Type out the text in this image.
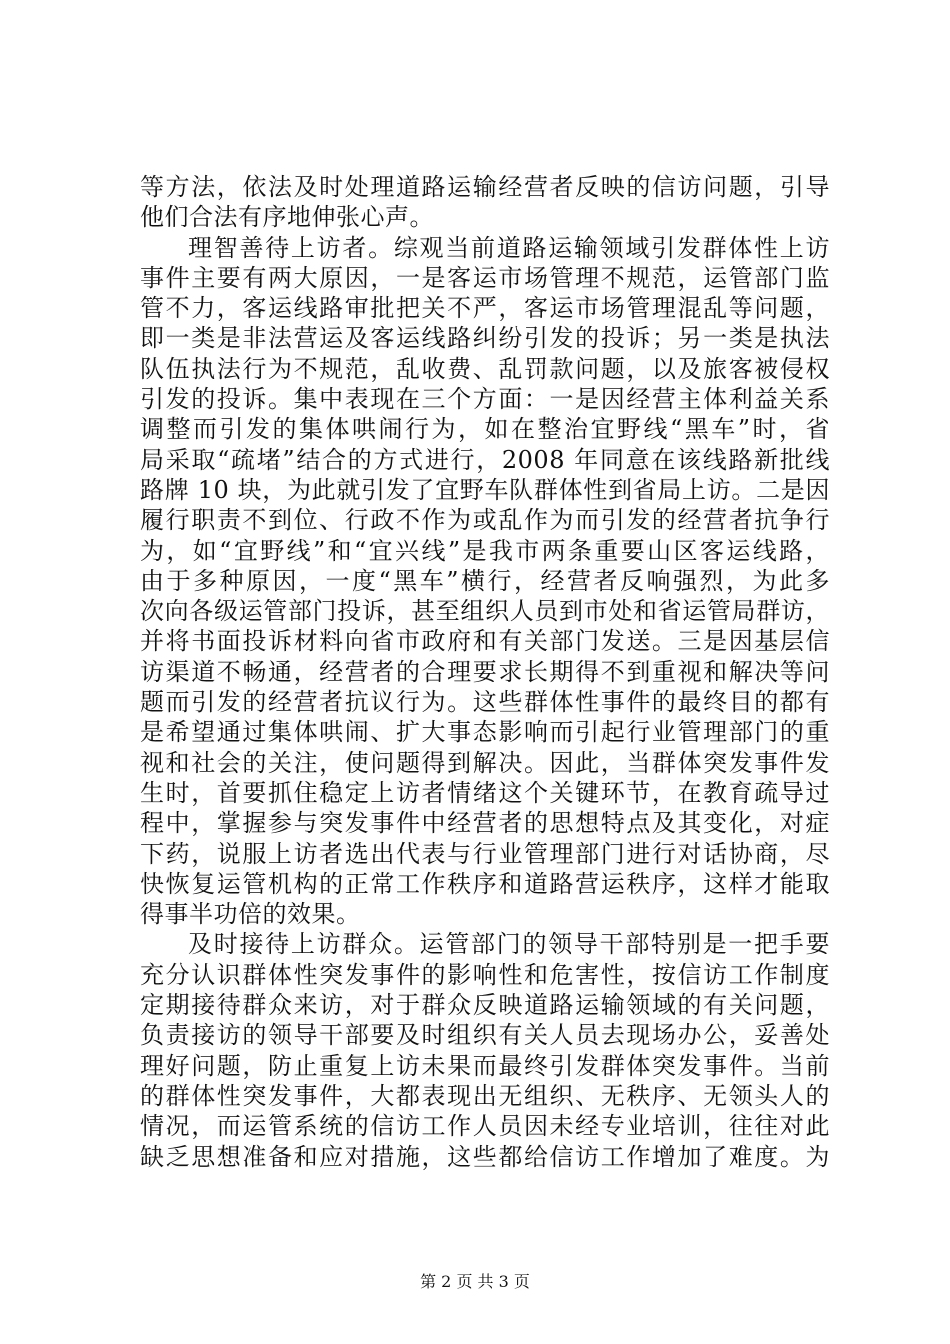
等方法，依法及时处理道路运输经营者反映的信访问题，引导
他们合法有序地伸张心声。
理智善待上访者。综观当前道路运输领域引发群体性上访
事件主要有两大原因，一是客运市场管理不规范，运管部门监
管不力，客运线路审批把关不严，客运市场管理混乱等问题，
即一类是非法营运及客运线路纠纷引发的投诉；另一类是执法
队伍执法行为不规范，乱收费、乱罚款问题，以及旅客被侵权
引发的投诉。集中表现在三个方面：一是因经营主体利益关系
调整而引发的集体哄闹行为，如在整治宜野线“黑车”时，省
局采取“疏堵”结合的方式进行，2008 年同意在该线路新批线
路牌 10 块，为此就引发了宜野车队群体性到省局上访。二是因
履行职责不到位、行政不作为或乱作为而引发的经营者抗争行
为，如“宜野线”和“宜兴线”是我市两条重要山区客运线路，
由于多种原因，一度“黑车”横行，经营者反响强烈，为此多
次向各级运管部门投诉，甚至组织人员到市处和省运管局群访，
并将书面投诉材料向省市政府和有关部门发送。三是因基层信
访渠道不畅通，经营者的合理要求长期得不到重视和解决等问
题而引发的经营者抗议行为。这些群体性事件的最终目的都有
是希望通过集体哄闹、扩大事态影响而引起行业管理部门的重
视和社会的关注，使问题得到解决。因此，当群体突发事件发
生时，首要抓住稳定上访者情绪这个关键环节，在教育疏导过
程中，掌握参与突发事件中经营者的思想特点及其变化，对症
下药，说服上访者选出代表与行业管理部门进行对话协商，尽
快恢复运管机构的正常工作秩序和道路营运秩序，这样才能取
得事半功倍的效果。
及时接待上访群众。运管部门的领导干部特别是一把手要
充分认识群体性突发事件的影响性和危害性，按信访工作制度
定期接待群众来访，对于群众反映道路运输领域的有关问题，
负责接访的领导干部要及时组织有关人员去现场办公，妥善处
理好问题，防止重复上访未果而最终引发群体突发事件。当前
的群体性突发事件，大都表现出无组织、无秩序、无领头人的
情况，而运管系统的信访工作人员因未经专业培训，往往对此
缺乏思想准备和应对措施，这些都给信访工作增加了难度。为
第 2 页 共 3 页
